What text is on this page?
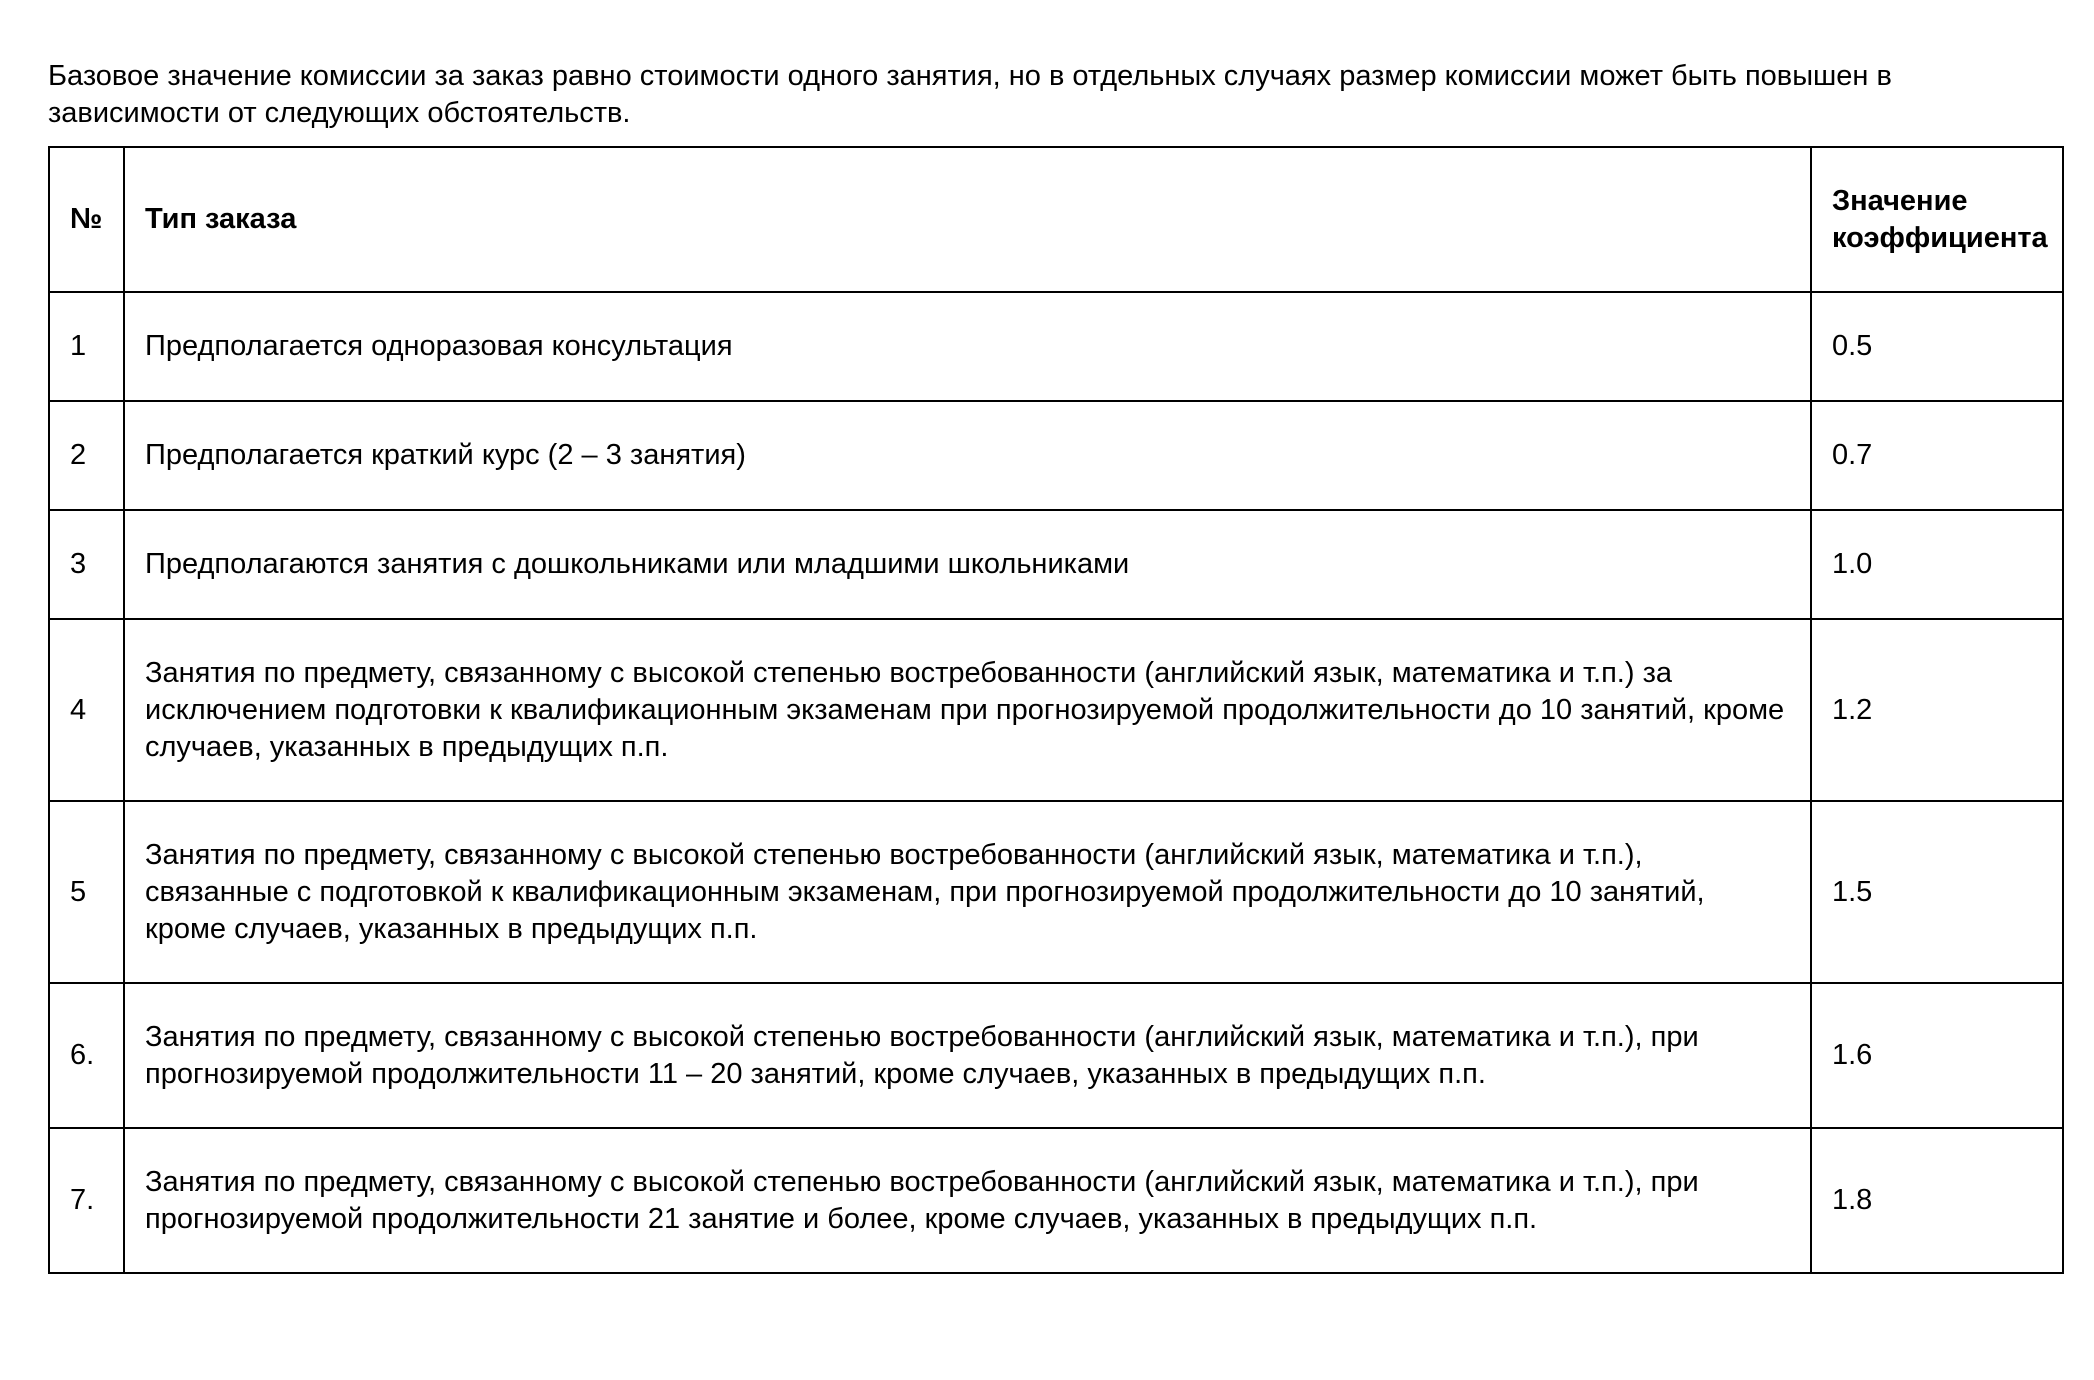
Базовое значение комиссии за заказ равно стоимости одного занятия, но в отдельных случаях размер комиссии может быть повышен в зависимости от следующих обстоятельств.

№	Тип заказа	Значение коэффициента
1	Предполагается одноразовая консультация	0.5
2	Предполагается краткий курс (2 – 3 занятия)	0.7
3	Предполагаются занятия с дошкольниками или младшими школьниками	1.0
4	Занятия по предмету, связанному с высокой степенью востребованности (английский язык, математика и т.п.) за исключением подготовки к квалификационным экзаменам при прогнозируемой продолжительности до 10 занятий, кроме случаев, указанных в предыдущих п.п.	1.2
5	Занятия по предмету, связанному с высокой степенью востребованности (английский язык, математика и т.п.), связанные с подготовкой к квалификационным экзаменам, при прогнозируемой продолжительности до 10 занятий, кроме случаев, указанных в предыдущих п.п.	1.5
6.	Занятия по предмету, связанному с высокой степенью востребованности (английский язык, математика и т.п.), при прогнозируемой продолжительности 11 – 20 занятий, кроме случаев, указанных в предыдущих п.п.	1.6
7.	Занятия по предмету, связанному с высокой степенью востребованности (английский язык, математика и т.п.), при прогнозируемой продолжительности 21 занятие и более, кроме случаев, указанных в предыдущих п.п.	1.8
